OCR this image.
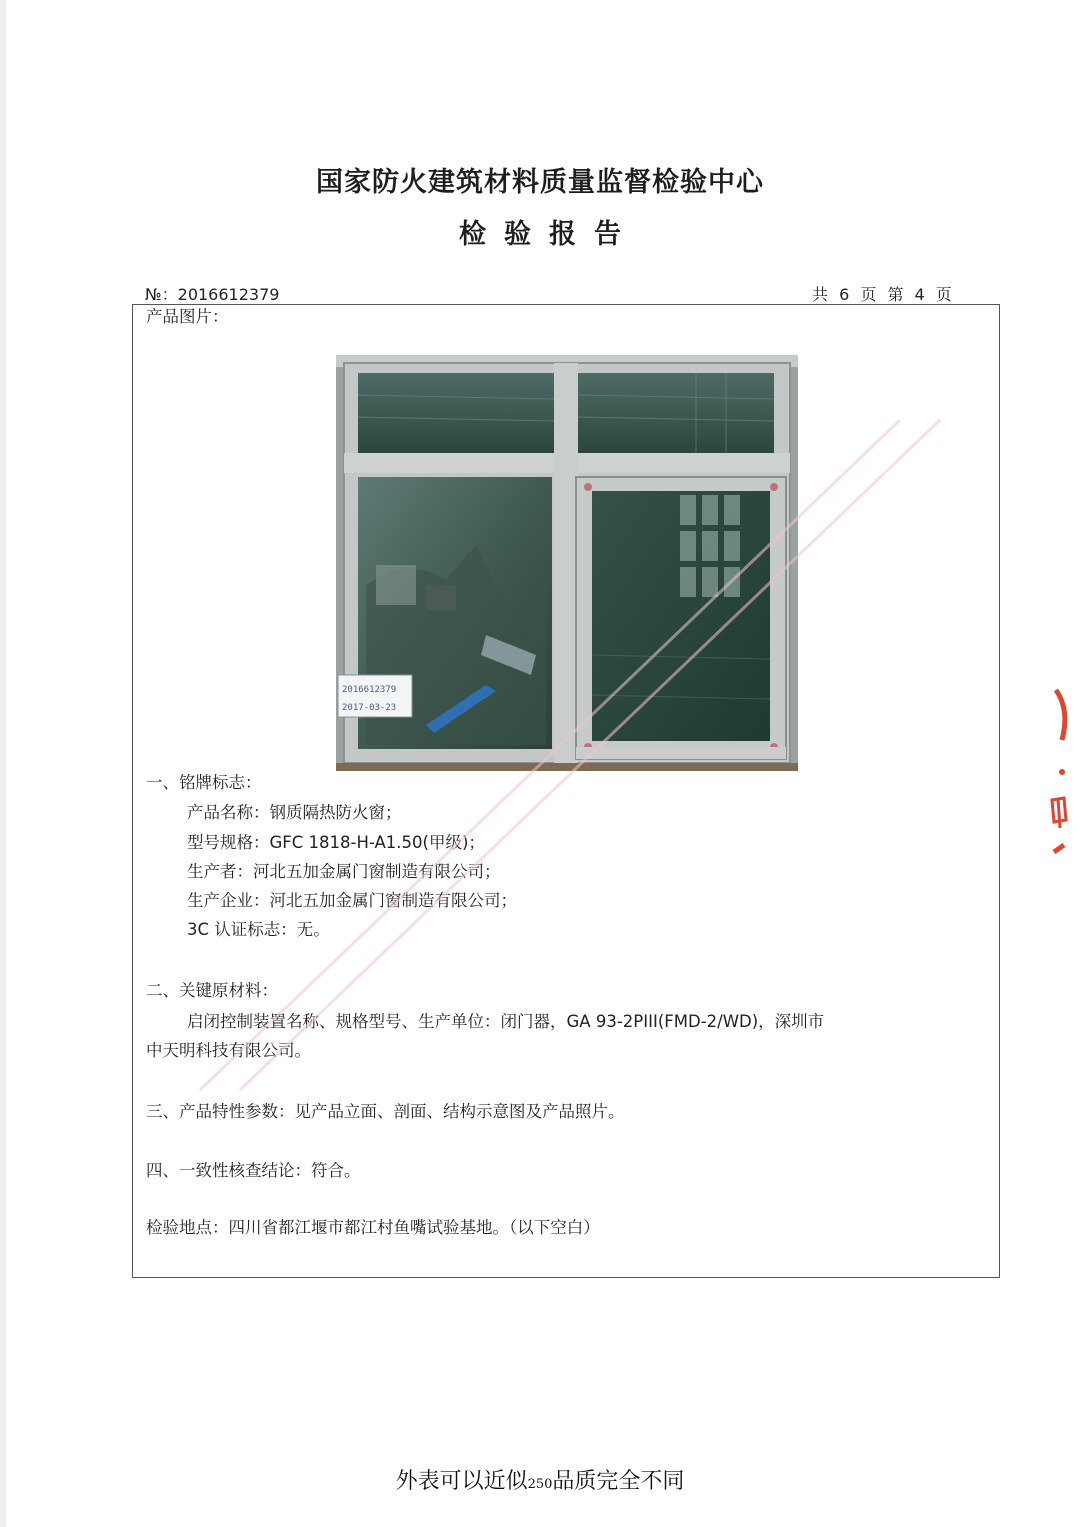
国家防火建筑材料质量监督检验中心
检验报告
№：2016612379	共 6 页 第 4 页
产品图片：
2016612379
2017-03-23
一、铭牌标志：
产品名称：钢质隔热防火窗；
型号规格：GFC 1818-H-A1.50(甲级)；
生产者：河北五加金属门窗制造有限公司；
生产企业：河北五加金属门窗制造有限公司；
3C 认证标志：无。
二、关键原材料：
启闭控制装置名称、规格型号、生产单位：闭门器，GA 93-2PIII(FMD-2/WD)，深圳市
中天明科技有限公司。
三、产品特性参数：见产品立面、剖面、结构示意图及产品照片。
四、一致性核查结论：符合。
检验地点：四川省都江堰市都江村鱼嘴试验基地。（以下空白）
外表可以近似250品质完全不同
